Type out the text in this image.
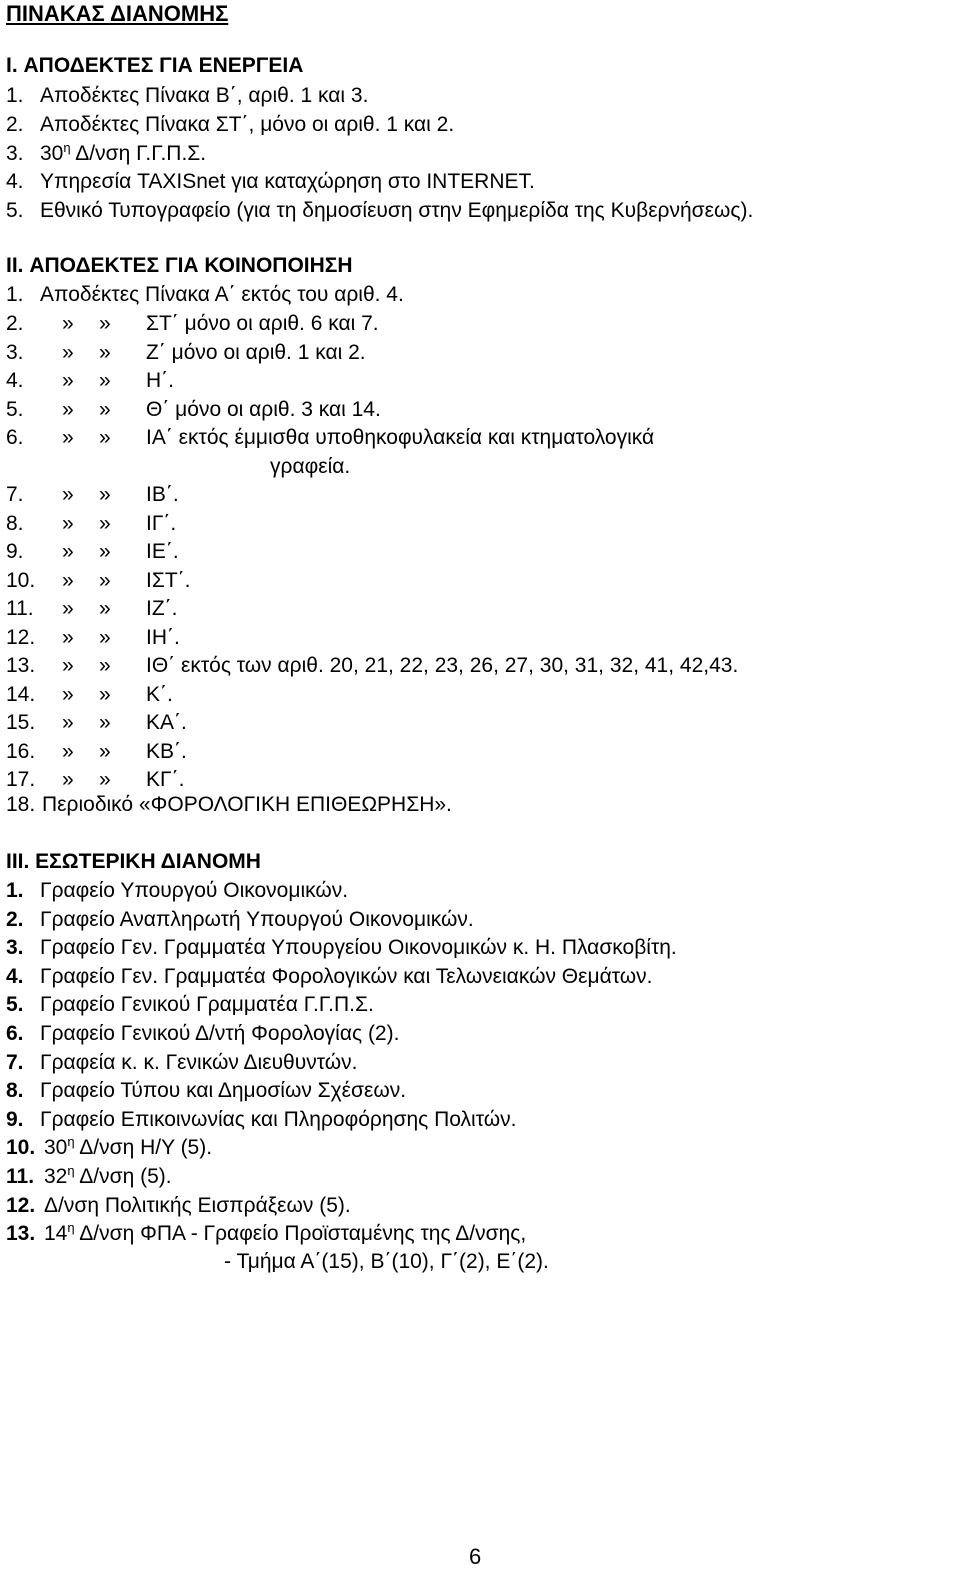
ΠΙΝΑΚΑΣ ΔΙΑΝΟΜΗΣ
I. ΑΠΟΔΕΚΤΕΣ ΓΙΑ ΕΝΕΡΓΕΙΑ
1. Αποδέκτες Πίνακα Β΄, αριθ. 1 και 3.
2. Αποδέκτες Πίνακα ΣΤ΄, μόνο οι αριθ. 1 και 2.
3. $30^\eta$ Δ/νση Γ.Γ.Π.Σ.
4. Υπηρεσία TAXISnet για καταχώρηση στο INTERNET.
5. Εθνικό Τυπογραφείο (για τη δημοσίευση στην Εφημερίδα της Κυβερνήσεως).
II. ΑΠΟΔΕΚΤΕΣ ΓΙΑ ΚΟΙΝΟΠΟΙΗΣΗ
1. Αποδέκτες Πίνακα Α΄ εκτός του αριθ. 4.
2. » » ΣΤ΄ μόνο οι αριθ. 6 και 7.
3. » » Ζ΄ μόνο οι αριθ. 1 και 2.
4. » » Η΄.
5. » » Θ΄ μόνο οι αριθ. 3 και 14.
6. » » ΙΑ΄ εκτός έμμισθα υποθηκοφυλακεία και κτηματολογικά
γραφεία.
7. » » ΙΒ΄.
8. » » ΙΓ΄.
9. » » ΙΕ΄.
10. » » ΙΣΤ΄.
11. » » ΙΖ΄.
12. » » ΙΗ΄.
13. » » ΙΘ΄ εκτός των αριθ. 20, 21, 22, 23, 26, 27, 30, 31, 32, 41, 42,43.
14. » » Κ΄.
15. » » ΚΑ΄.
16. » » ΚΒ΄.
17. » » ΚΓ΄.
18. Περιοδικό «ΦΟΡΟΛΟΓΙΚΗ ΕΠΙΘΕΩΡΗΣΗ».
III. ΕΣΩΤΕΡΙΚΗ ΔΙΑΝΟΜΗ
1. Γραφείο Υπουργού Οικονομικών.
2. Γραφείο Αναπληρωτή Υπουργού Οικονομικών.
3. Γραφείο Γεν. Γραμματέα Υπουργείου Οικονομικών κ. Η. Πλασκοβίτη.
4. Γραφείο Γεν. Γραμματέα Φορολογικών και Τελωνειακών Θεμάτων.
5. Γραφείο Γενικού Γραμματέα Γ.Γ.Π.Σ.
6. Γραφείο Γενικού Δ/ντή Φορολογίας (2).
7. Γραφεία κ. κ. Γενικών Διευθυντών.
8. Γραφείο Τύπου και Δημοσίων Σχέσεων.
9. Γραφείο Επικοινωνίας και Πληροφόρησης Πολιτών.
10. $30^\eta$ Δ/νση Η/Υ (5).
11. $32^\eta$ Δ/νση (5).
12. Δ/νση Πολιτικής Εισπράξεων (5).
13. $14^\eta$ Δ/νση ΦΠΑ - Γραφείο Προϊσταμένης της Δ/νσης,
- Τμήμα Α΄(15), Β΄(10), Γ΄(2), Ε΄(2).
6
